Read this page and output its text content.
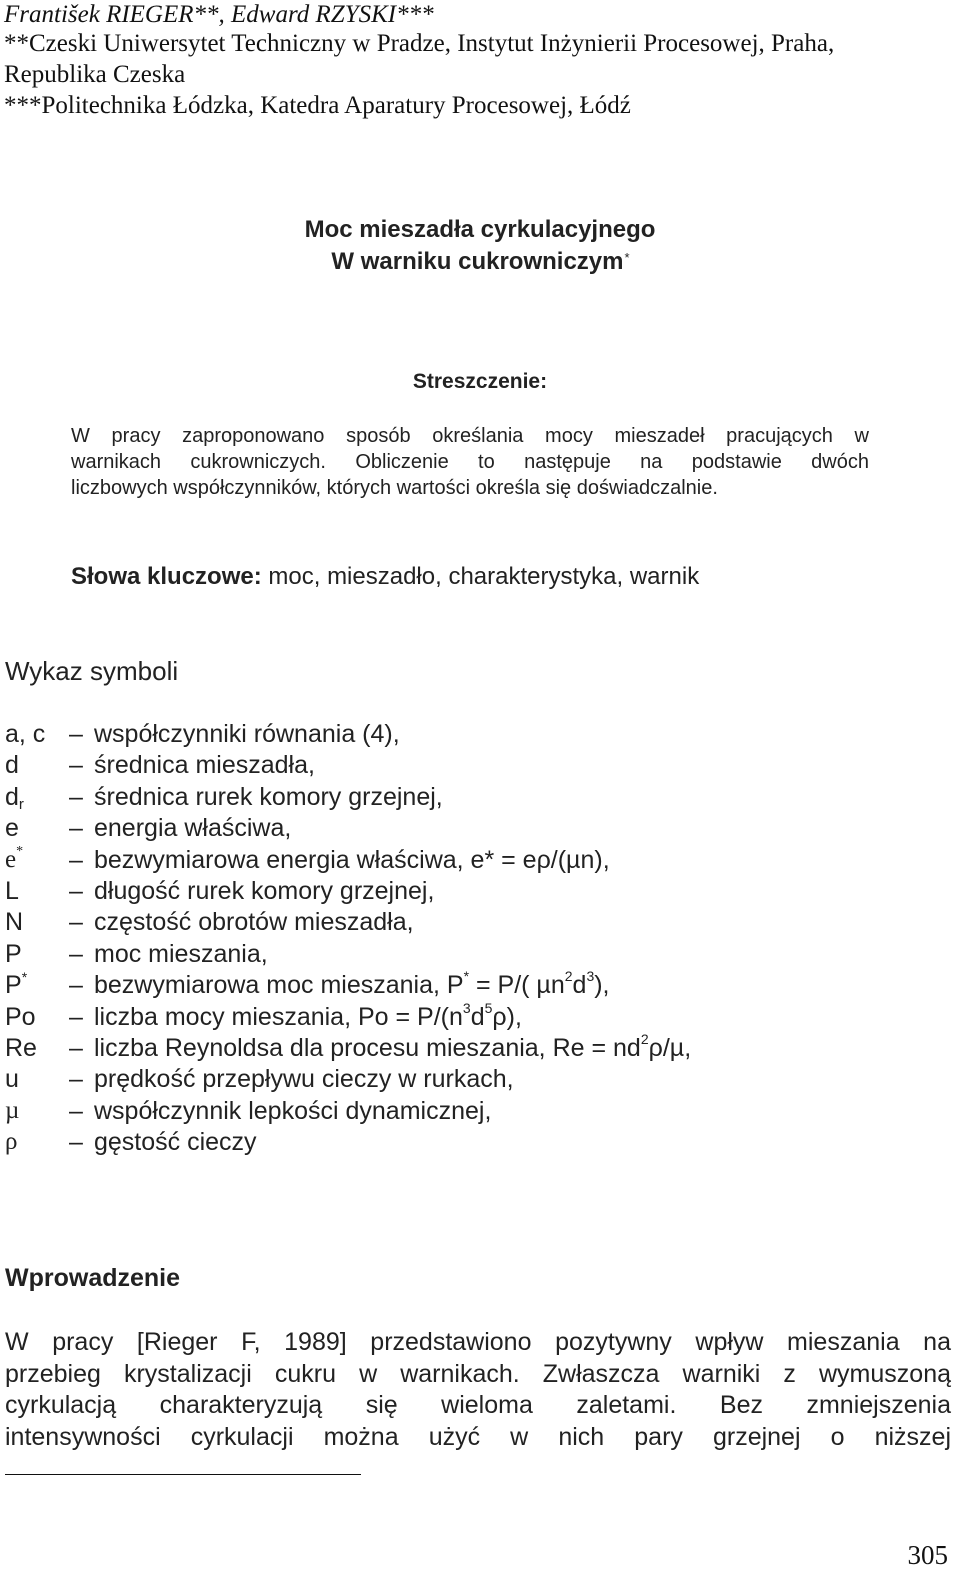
František RIEGER**, Edward RZYSKI***
**Czeski Uniwersytet Techniczny w Pradze, Instytut Inżynierii Procesowej, Praha, Republika Czeska
***Politechnika Łódzka, Katedra Aparatury Procesowej, Łódź
Moc mieszadła cyrkulacyjnego
W warniku cukrowniczym*
Streszczenie:
W pracy zaproponowano sposób określania mocy mieszadeł pracujących w
warnikach cukrowniczych. Obliczenie to następuje na podstawie dwóch
liczbowych współczynników, których wartości określa się doświadczalnie.
Słowa kluczowe: moc, mieszadło, charakterystyka, warnik
Wykaz symboli
a, c – współczynniki równania (4),
d	– średnica mieszadła,
$d_r$	– średnica rurek komory grzejnej,
e	– energia właściwa,
e*	– bezwymiarowa energia właściwa, e* = eρ/(µn),
L	– długość rurek komory grzejnej,
N	– częstość obrotów mieszadła,
P	– moc mieszania,
P*	– bezwymiarowa moc mieszania, P* = P/( $\mu n^2d^3$),
Po	– liczba mocy mieszania, $Po = P/(n^3d^5\rho)$,
Re	– liczba Reynoldsa dla procesu mieszania, $Re = nd^2\rho/\mu$,
u	– prędkość przepływu cieczy w rurkach,
µ	– współczynnik lepkości dynamicznej,
ρ	– gęstość cieczy
Wprowadzenie
W pracy [Rieger F, 1989] przedstawiono pozytywny wpływ mieszania na
przebieg krystalizacji cukru w warnikach. Zwłaszcza warniki z wymuszoną
cyrkulacją charakteryzują się wieloma zaletami. Bez zmniejszenia
intensywności cyrkulacji można użyć w nich pary grzejnej o niższej
305
